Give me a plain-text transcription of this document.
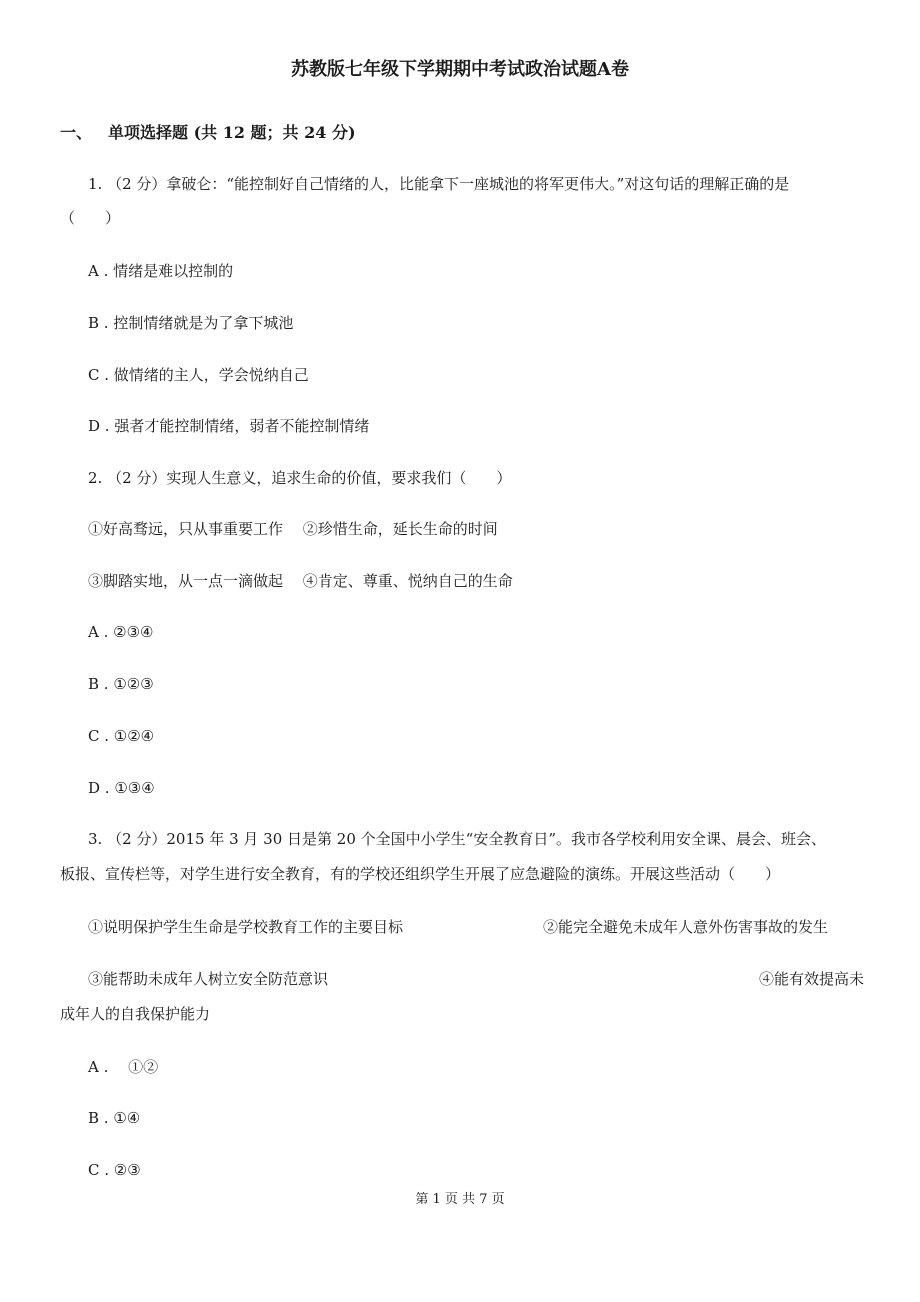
苏教版七年级下学期期中考试政治试题A卷
一、 单项选择题 (共 12 题；共 24 分)
1. （2 分）拿破仑：“能控制好自己情绪的人，比能拿下一座城池的将军更伟大。”对这句话的理解正确的是
（　　）
A . 情绪是难以控制的
B . 控制情绪就是为了拿下城池
C . 做情绪的主人，学会悦纳自己
D . 强者才能控制情绪，弱者不能控制情绪
2. （2 分）实现人生意义，追求生命的价值，要求我们（　　）
①好高骛远，只从事重要工作　 ②珍惜生命，延长生命的时间
③脚踏实地，从一点一滴做起　 ④肯定、尊重、悦纳自己的生命
A . ②③④
B . ①②③
C . ①②④
D . ①③④
3. （2 分）2015 年 3 月 30 日是第 20 个全国中小学生“安全教育日”。我市各学校利用安全课、晨会、班会、
板报、宣传栏等，对学生进行安全教育，有的学校还组织学生开展了应急避险的演练。开展这些活动（　　）
①说明保护学生生命是学校教育工作的主要目标	②能完全避免未成年人意外伤害事故的发生
③能帮助未成年人树立安全防范意识	④能有效提高未
成年人的自我保护能力
A .　 ①②
B . ①④
C . ②③
第 1 页 共 7 页
